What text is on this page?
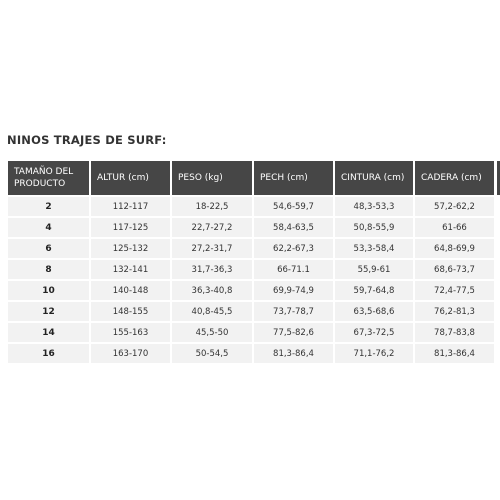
NINOS TRAJES DE SURF:
TAMAÑO DEL
PRODUCTO	ALTUR (cm)	PESO (kg)	PECH (cm)	CINTURA (cm)	CADERA (cm)
2	112-117	18-22,5	54,6-59,7	48,3-53,3	57,2-62,2
4	117-125	22,7-27,2	58,4-63,5	50,8-55,9	61-66
6	125-132	27,2-31,7	62,2-67,3	53,3-58,4	64,8-69,9
8	132-141	31,7-36,3	66-71.1	55,9-61	68,6-73,7
10	140-148	36,3-40,8	69,9-74,9	59,7-64,8	72,4-77,5
12	148-155	40,8-45,5	73,7-78,7	63,5-68,6	76,2-81,3
14	155-163	45,5-50	77,5-82,6	67,3-72,5	78,7-83,8
16	163-170	50-54,5	81,3-86,4	71,1-76,2	81,3-86,4
